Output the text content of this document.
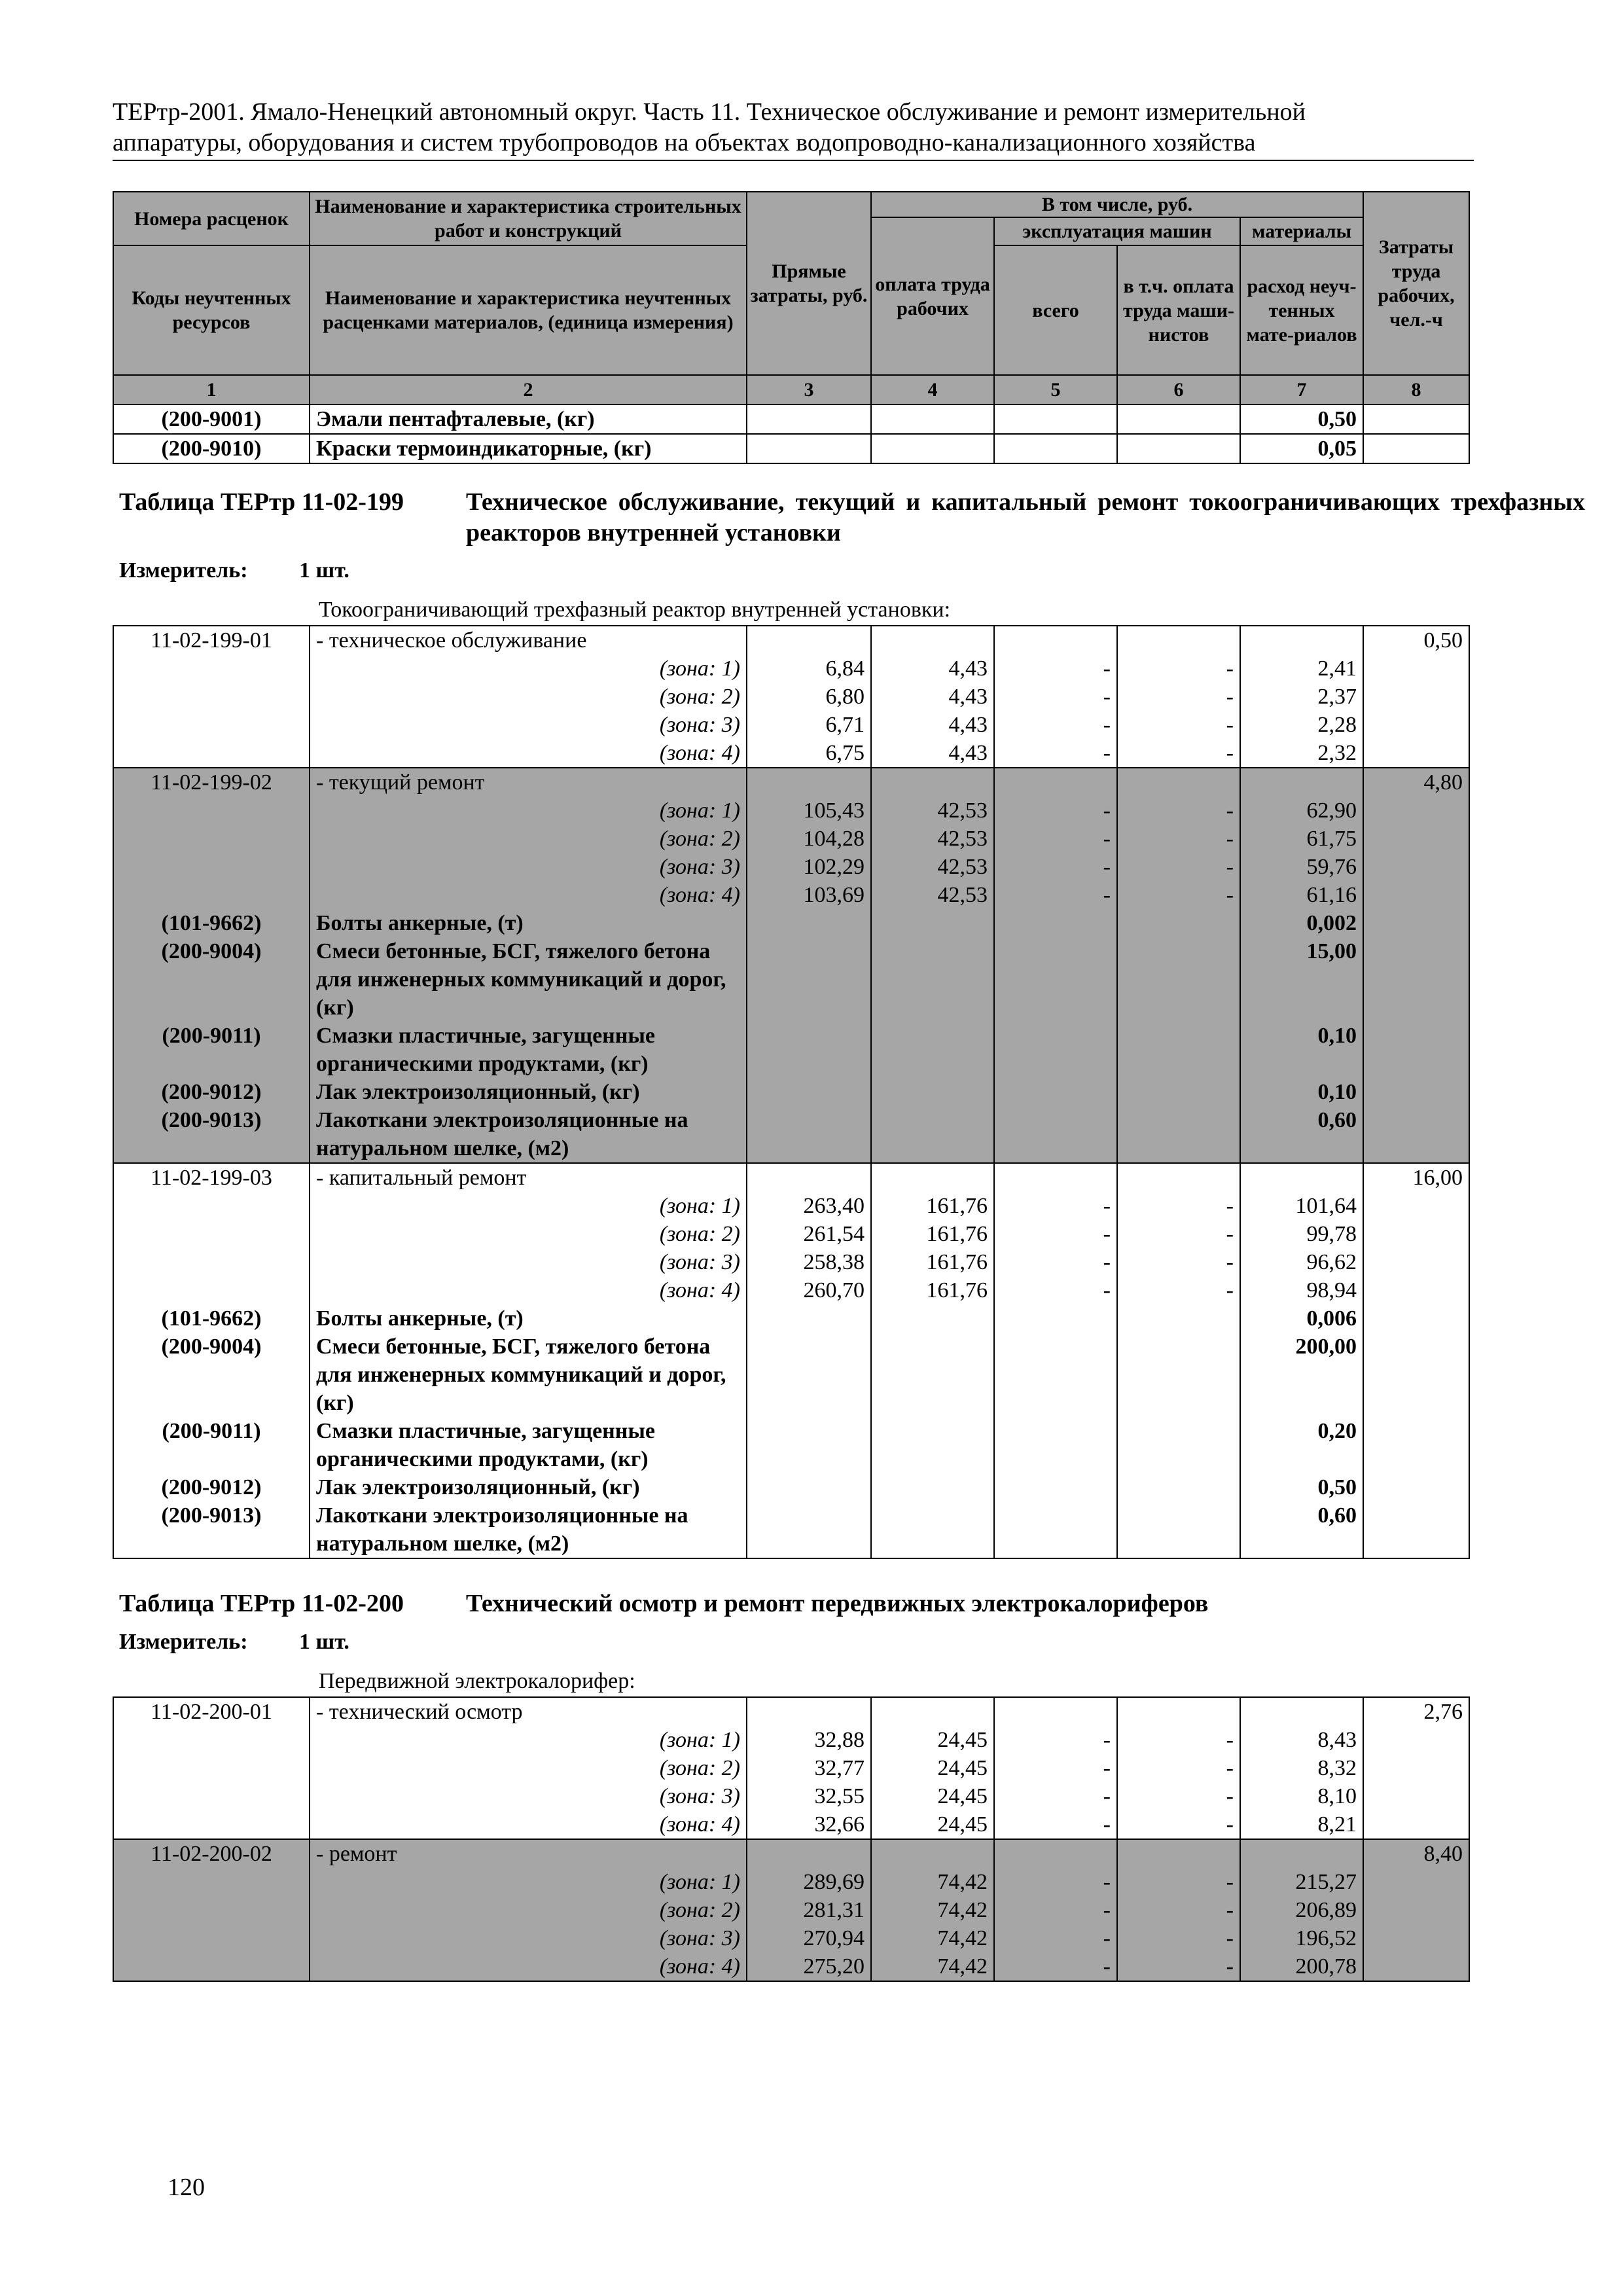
ТЕРтр-2001. Ямало-Ненецкий автономный округ. Часть 11. Техническое обслуживание и ремонт измерительной
аппаратуры, оборудования и систем трубопроводов на объектах водопроводно-канализационного хозяйства
Номера расценок	Наименование и характеристика строительных работ и конструкций	Прямые затраты, руб.	В том числе, руб.				Затраты труда рабочих, чел.-ч
			оплата труда рабочих	эксплуатация машин		материалы	
Коды неучтенных ресурсов	Наименование и характеристика неучтенных расценками материалов, (единица измерения)			всего	в т.ч. оплата труда маши-нистов	расход неуч-тенных мате-риалов	

1	2	3	4	5	6	7	8
(200-9001)	Эмали пентафталевые, (кг)					0,50	
(200-9010)	Краски термоиндикаторные, (кг)					0,05	
Таблица ТЕРтр 11-02-199	Техническое обслуживание, текущий и капитальный ремонт токоограничивающих трехфазных реакторов внутренней установки
Измеритель: 1 шт.
Токоограничивающий трехфазный реактор внутренней установки:
11-02-199-01	- техническое обслуживание						0,50
	(зона: 1)	6,84	4,43	-	-	2,41	
	(зона: 2)	6,80	4,43	-	-	2,37	
	(зона: 3)	6,71	4,43	-	-	2,28	
	(зона: 4)	6,75	4,43	-	-	2,32	
11-02-199-02	- текущий ремонт						4,80
	(зона: 1)	105,43	42,53	-	-	62,90	
	(зона: 2)	104,28	42,53	-	-	61,75	
	(зона: 3)	102,29	42,53	-	-	59,76	
	(зона: 4)	103,69	42,53	-	-	61,16	
(101-9662)	Болты анкерные, (т)					0,002	
(200-9004)	Смеси бетонные, БСГ, тяжелого бетона для инженерных коммуникаций и дорог, (кг)					15,00	
(200-9011)	Смазки пластичные, загущенные органическими продуктами, (кг)					0,10	
(200-9012)	Лак электроизоляционный, (кг)					0,10	
(200-9013)	Лакоткани электроизоляционные на натуральном шелке, (м2)					0,60	
11-02-199-03	- капитальный ремонт						16,00
	(зона: 1)	263,40	161,76	-	-	101,64	
	(зона: 2)	261,54	161,76	-	-	99,78	
	(зона: 3)	258,38	161,76	-	-	96,62	
	(зона: 4)	260,70	161,76	-	-	98,94	
(101-9662)	Болты анкерные, (т)					0,006	
(200-9004)	Смеси бетонные, БСГ, тяжелого бетона для инженерных коммуникаций и дорог, (кг)					200,00	
(200-9011)	Смазки пластичные, загущенные органическими продуктами, (кг)					0,20	
(200-9012)	Лак электроизоляционный, (кг)					0,50	
(200-9013)	Лакоткани электроизоляционные на натуральном шелке, (м2)					0,60	
Таблица ТЕРтр 11-02-200	Технический осмотр и ремонт передвижных электрокалориферов
Измеритель: 1 шт.
Передвижной электрокалорифер:
11-02-200-01	- технический осмотр						2,76
	(зона: 1)	32,88	24,45	-	-	8,43	
	(зона: 2)	32,77	24,45	-	-	8,32	
	(зона: 3)	32,55	24,45	-	-	8,10	
	(зона: 4)	32,66	24,45	-	-	8,21	
11-02-200-02	- ремонт						8,40
	(зона: 1)	289,69	74,42	-	-	215,27	
	(зона: 2)	281,31	74,42	-	-	206,89	
	(зона: 3)	270,94	74,42	-	-	196,52	
	(зона: 4)	275,20	74,42	-	-	200,78	
120
